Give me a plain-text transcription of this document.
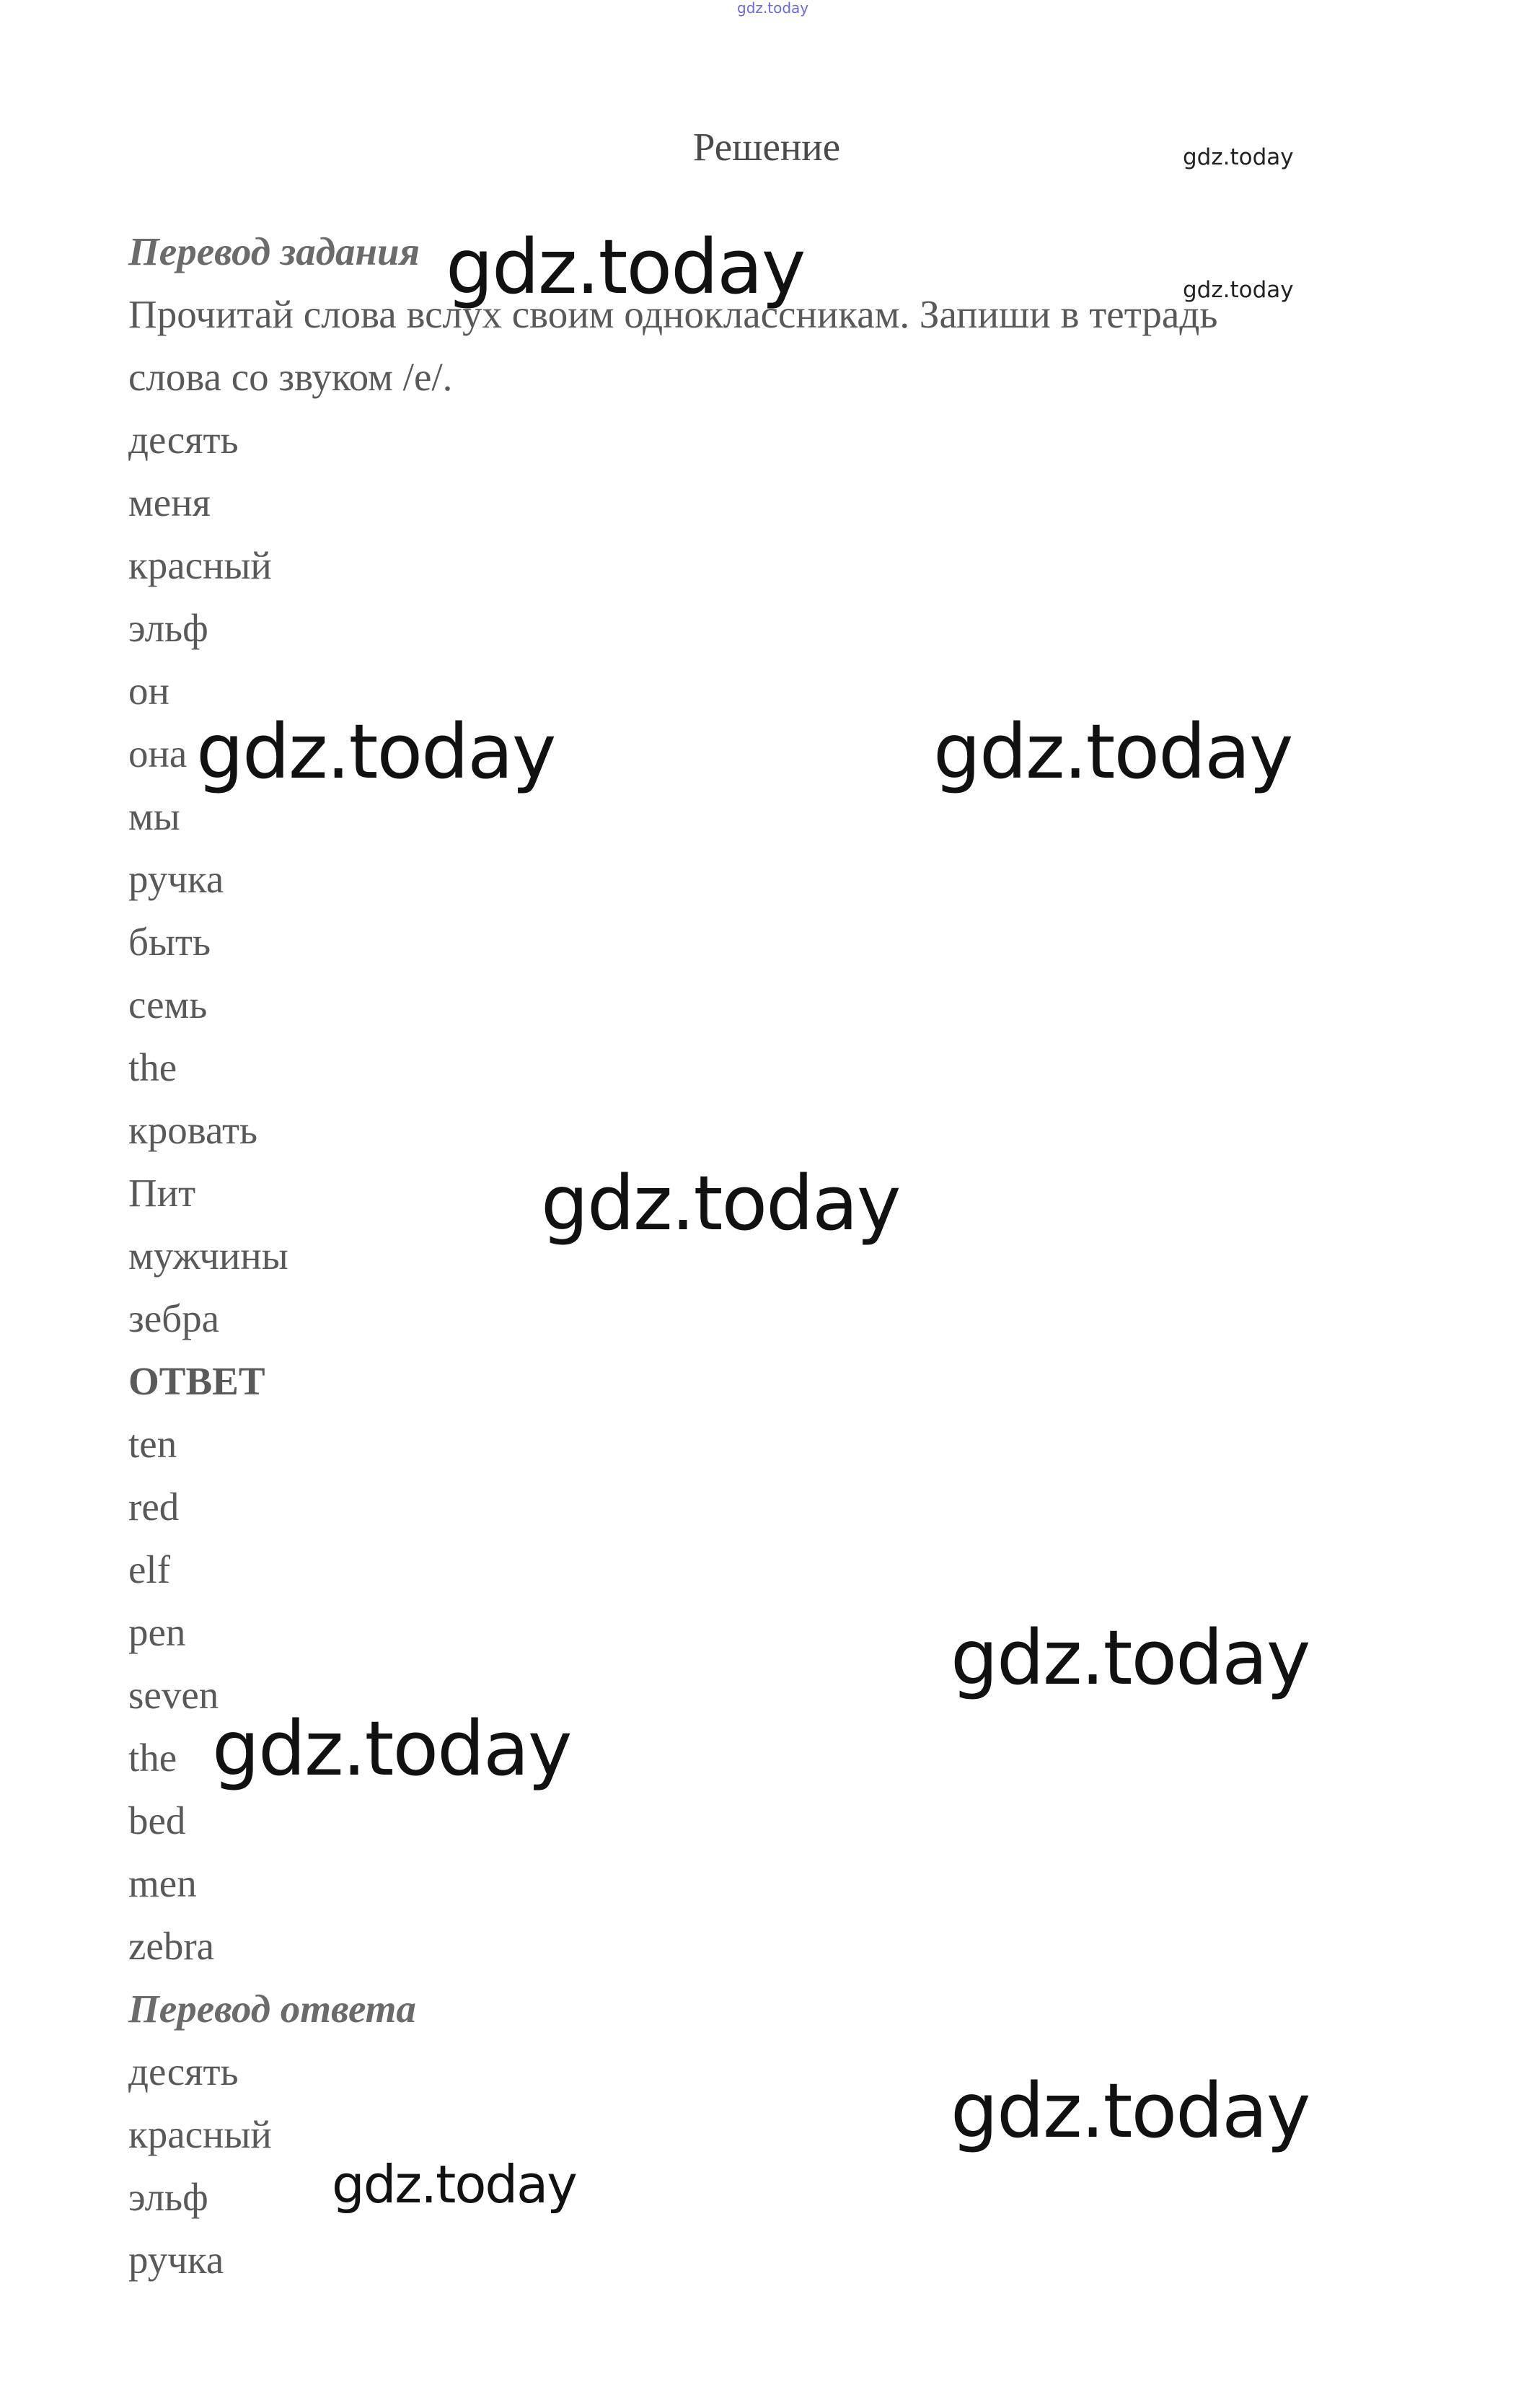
gdz.today
Решение
Перевод задания
Прочитай слова вслух своим одноклассникам. Запиши в тетрадь
слова со звуком /e/.
десять
меня
красный
эльф
он
она
мы
ручка
быть
семь
the
кровать
Пит
мужчины
зебра
ОТВЕТ
ten
red
elf
pen
seven
the
bed
men
zebra
Перевод ответа
десять
красный
эльф
ручка
gdz.today
gdz.today
gdz.today
gdz.today	gdz.today
gdz.today
gdz.today
gdz.today
gdz.today
gdz.today
